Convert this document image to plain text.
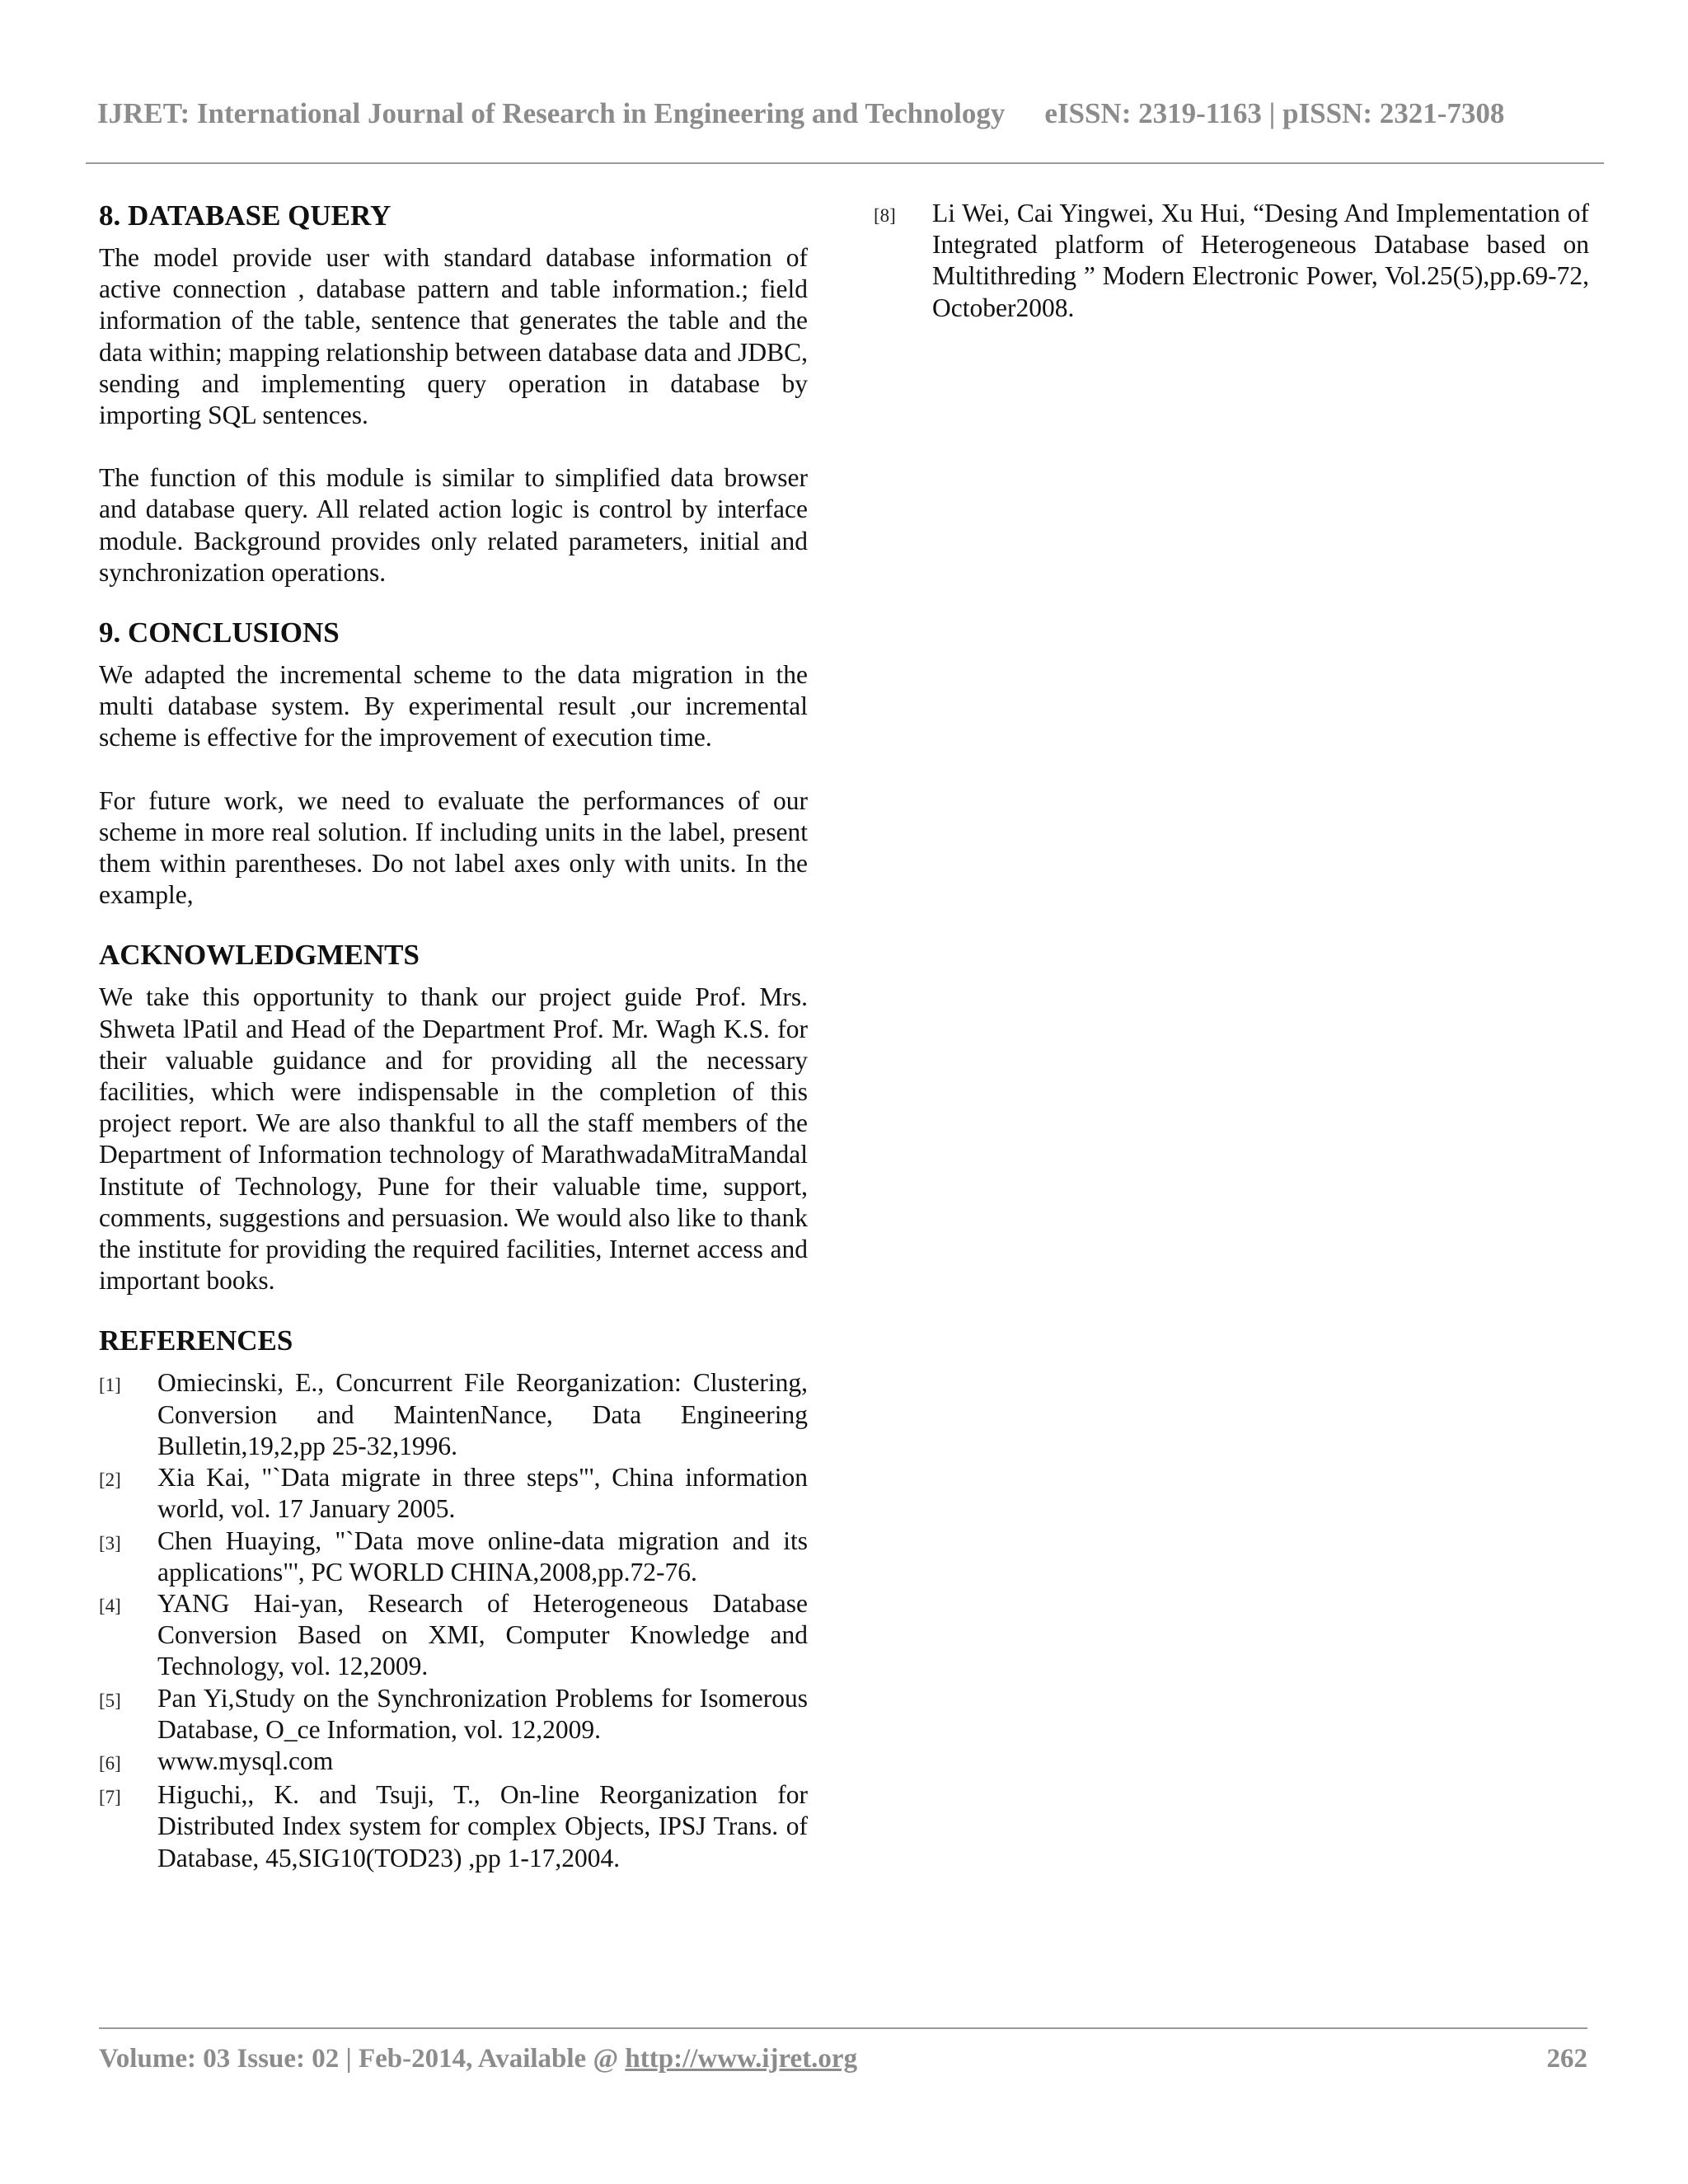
IJRET: International Journal of Research in Engineering and Technology eISSN: 2319-1163 | pISSN: 2321-7308
8. DATABASE QUERY

The model provide user with standard database information of active connection , database pattern and table information.; field information of the table, sentence that generates the table and the data within; mapping relationship between database data and JDBC, sending and implementing query operation in database by importing SQL sentences.

The function of this module is similar to simplified data browser and database query. All related action logic is control by interface module. Background provides only related parameters, initial and synchronization operations.

9. CONCLUSIONS

We adapted the incremental scheme to the data migration in the multi database system. By experimental result ,our incremental scheme is effective for the improvement of execution time.

For future work, we need to evaluate the performances of our scheme in more real solution. If including units in the label, present them within parentheses. Do not label axes only with units. In the example,

ACKNOWLEDGMENTS

We take this opportunity to thank our project guide Prof. Mrs. Shweta lPatil and Head of the Department Prof. Mr. Wagh K.S. for their valuable guidance and for providing all the necessary facilities, which were indispensable in the completion of this project report. We are also thankful to all the staff members of the Department of Information technology of MarathwadaMitraMandal Institute of Technology, Pune for their valuable time, support, comments, suggestions and persuasion. We would also like to thank the institute for providing the required facilities, Internet access and important books.

REFERENCES
[1]	Omiecinski, E., Concurrent File Reorganization: Clustering, Conversion and MaintenNance, Data Engineering Bulletin,19,2,pp 25-32,1996.
[2]	Xia Kai, "`Data migrate in three steps"', China information world, vol. 17 January 2005.
[3]	Chen Huaying, "`Data move online-data migration and its applications"', PC WORLD CHINA,2008,pp.72-76.
[4]	YANG Hai-yan, Research of Heterogeneous Database Conversion Based on XMI, Computer Knowledge and Technology, vol. 12,2009.
[5]	Pan Yi,Study on the Synchronization Problems for Isomerous Database, O_ce Information, vol. 12,2009.
[6]	www.mysql.com
[7]	Higuchi,, K. and Tsuji, T., On-line Reorganization for Distributed Index system for complex Objects, IPSJ Trans. of Database, 45,SIG10(TOD23) ,pp 1-17,2004.
[8]	Li Wei, Cai Yingwei, Xu Hui, “Desing And Implementation of Integrated platform of Heterogeneous Database based on Multithreding ” Modern Electronic Power, Vol.25(5),pp.69-72, October2008.
Volume: 03 Issue: 02 | Feb-2014, Available @ http://www.ijret.org	262
